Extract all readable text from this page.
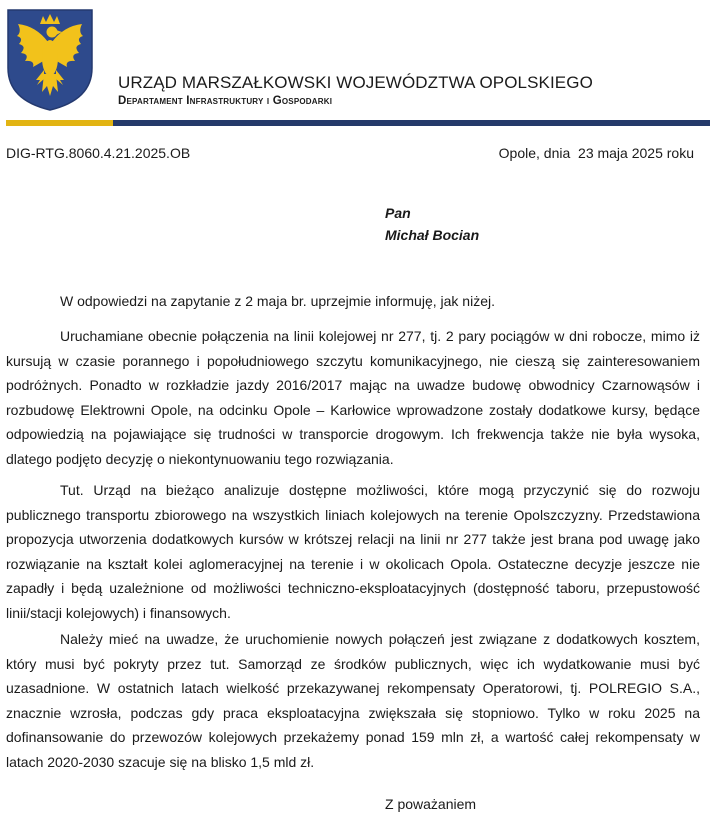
URZĄD MARSZAŁKOWSKI WOJEWÓDZTWA OPOLSKIEGO
Departament Infrastruktury i Gospodarki
DIG-RTG.8060.4.21.2025.OB	Opole, dnia  23 maja 2025 roku
Pan
Michał Bocian

W odpowiedzi na zapytanie z 2 maja br. uprzejmie informuję, jak niżej.

Uruchamiane obecnie połączenia na linii kolejowej nr 277, tj. 2 pary pociągów w dni robocze, mimo iż kursują w czasie porannego i popołudniowego szczytu komunikacyjnego, nie cieszą się zainteresowaniem podróżnych. Ponadto w rozkładzie jazdy 2016/2017 mając na uwadze budowę obwodnicy Czarnowąsów i rozbudowę Elektrowni Opole, na odcinku Opole – Karłowice wprowadzone zostały dodatkowe kursy, będące odpowiedzią na pojawiające się trudności w transporcie drogowym. Ich frekwencja także nie była wysoka, dlatego podjęto decyzję o niekontynuowaniu tego rozwiązania.

Tut. Urząd na bieżąco analizuje dostępne możliwości, które mogą przyczynić się do rozwoju publicznego transportu zbiorowego na wszystkich liniach kolejowych na terenie Opolszczyzny. Przedstawiona propozycja utworzenia dodatkowych kursów w krótszej relacji na linii nr 277 także jest brana pod uwagę jako rozwiązanie na kształt kolei aglomeracyjnej na terenie i w okolicach Opola. Ostateczne decyzje jeszcze nie zapadły i będą uzależnione od możliwości techniczno-eksploatacyjnych (dostępność taboru, przepustowość linii/stacji kolejowych) i finansowych.

Należy mieć na uwadze, że uruchomienie nowych połączeń jest związane z dodatkowych kosztem, który musi być pokryty przez tut. Samorząd ze środków publicznych, więc ich wydatkowanie musi być uzasadnione. W ostatnich latach wielkość przekazywanej rekompensaty Operatorowi, tj. POLREGIO S.A., znacznie wzrosła, podczas gdy praca eksploatacyjna zwiększała się stopniowo. Tylko w roku 2025 na dofinansowanie do przewozów kolejowych przekażemy ponad 159 mln zł, a wartość całej rekompensaty w latach 2020-2030 szacuje się na blisko 1,5 mld zł.

Z poważaniem
